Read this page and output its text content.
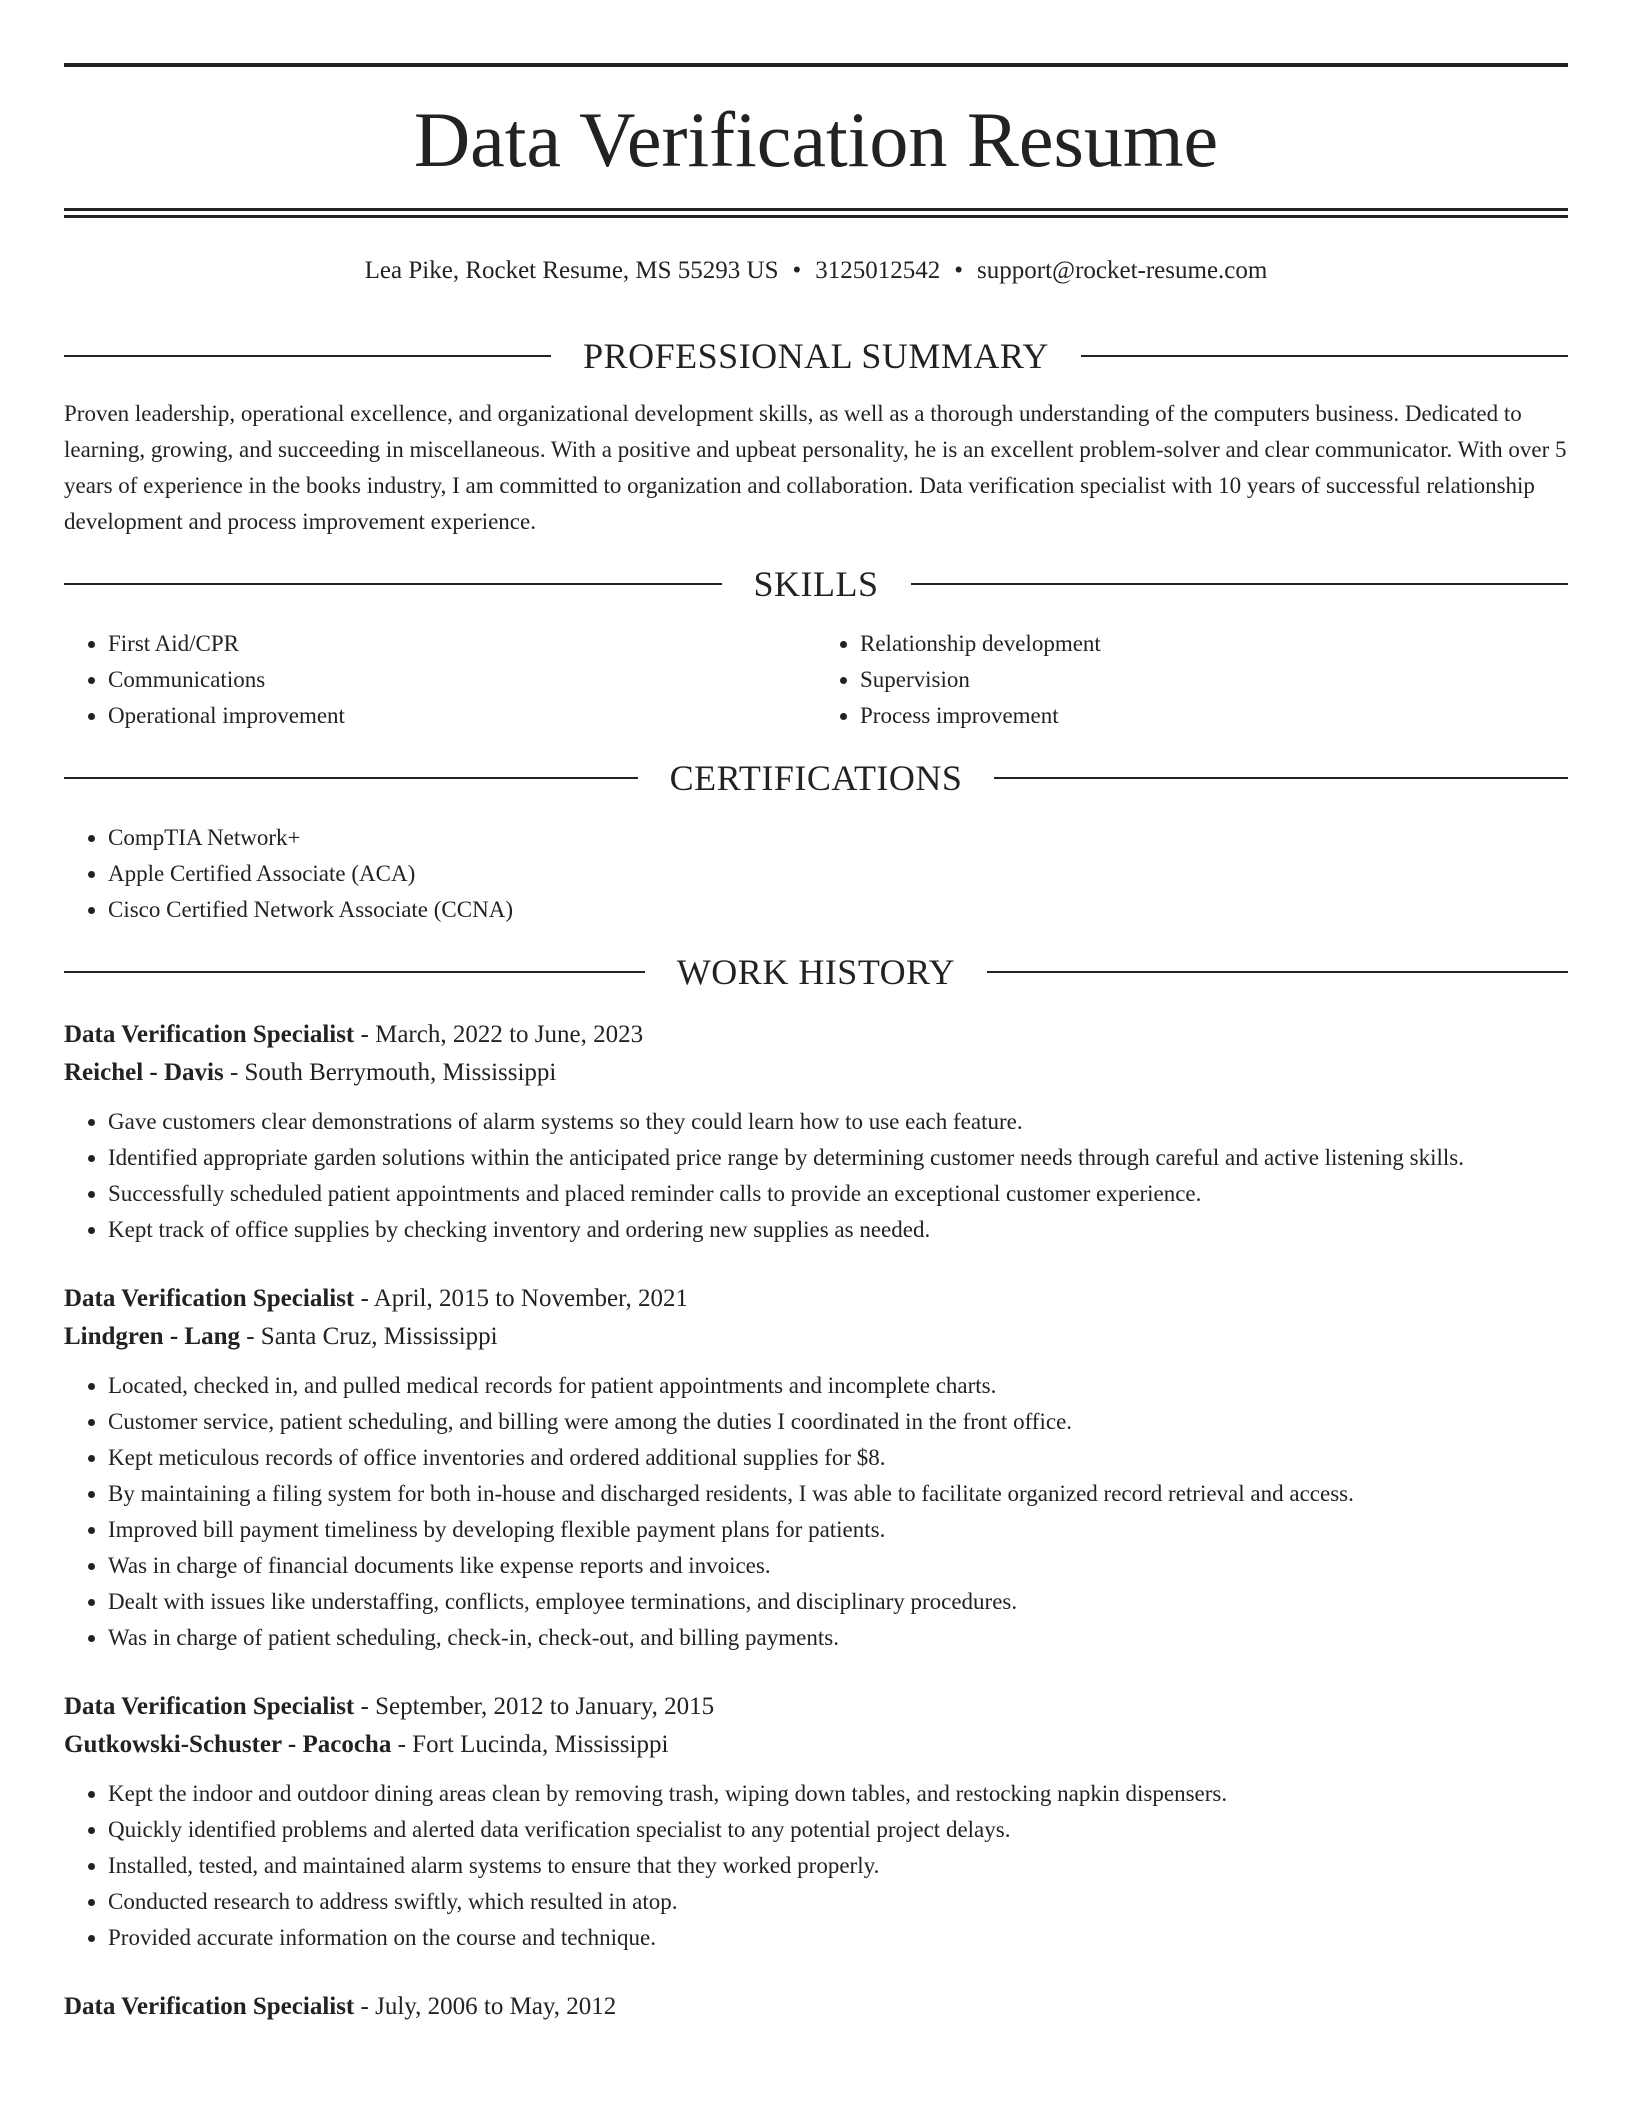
Data Verification Resume
Lea Pike, Rocket Resume, MS 55293 US • 3125012542 • support@rocket-resume.com
PROFESSIONAL SUMMARY

Proven leadership, operational excellence, and organizational development skills, as well as a thorough understanding of the computers business. Dedicated to learning, growing, and succeeding in miscellaneous. With a positive and upbeat personality, he is an excellent problem-solver and clear communicator. With over 5 years of experience in the books industry, I am committed to organization and collaboration. Data verification specialist with 10 years of successful relationship development and process improvement experience.

SKILLS
• First Aid/CPR
• Communications
• Operational improvement
• Relationship development
• Supervision
• Process improvement
CERTIFICATIONS
• CompTIA Network+
• Apple Certified Associate (ACA)
• Cisco Certified Network Associate (CCNA)
WORK HISTORY
Data Verification Specialist - March, 2022 to June, 2023
Reichel - Davis - South Berrymouth, Mississippi
• Gave customers clear demonstrations of alarm systems so they could learn how to use each feature.
• Identified appropriate garden solutions within the anticipated price range by determining customer needs through careful and active listening skills.
• Successfully scheduled patient appointments and placed reminder calls to provide an exceptional customer experience.
• Kept track of office supplies by checking inventory and ordering new supplies as needed.
Data Verification Specialist - April, 2015 to November, 2021
Lindgren - Lang - Santa Cruz, Mississippi
• Located, checked in, and pulled medical records for patient appointments and incomplete charts.
• Customer service, patient scheduling, and billing were among the duties I coordinated in the front office.
• Kept meticulous records of office inventories and ordered additional supplies for $8.
• By maintaining a filing system for both in-house and discharged residents, I was able to facilitate organized record retrieval and access.
• Improved bill payment timeliness by developing flexible payment plans for patients.
• Was in charge of financial documents like expense reports and invoices.
• Dealt with issues like understaffing, conflicts, employee terminations, and disciplinary procedures.
• Was in charge of patient scheduling, check-in, check-out, and billing payments.
Data Verification Specialist - September, 2012 to January, 2015
Gutkowski-Schuster - Pacocha - Fort Lucinda, Mississippi
• Kept the indoor and outdoor dining areas clean by removing trash, wiping down tables, and restocking napkin dispensers.
• Quickly identified problems and alerted data verification specialist to any potential project delays.
• Installed, tested, and maintained alarm systems to ensure that they worked properly.
• Conducted research to address swiftly, which resulted in atop.
• Provided accurate information on the course and technique.
Data Verification Specialist - July, 2006 to May, 2012
